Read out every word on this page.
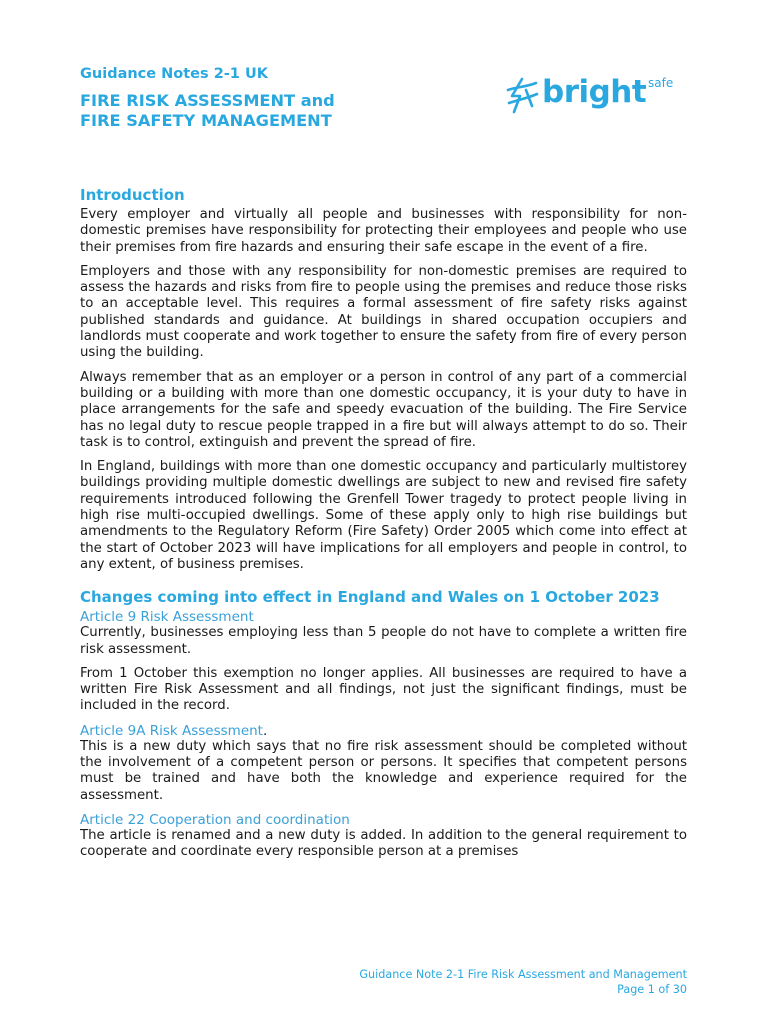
Guidance Notes 2-1 UK
FIRE RISK ASSESSMENT and
FIRE SAFETY MANAGEMENT
bright safe
Introduction

Every employer and virtually all people and businesses with responsibility for non-domestic premises have responsibility for protecting their employees and people who use their premises from fire hazards and ensuring their safe escape in the event of a fire.

Employers and those with any responsibility for non-domestic premises are required to assess the hazards and risks from fire to people using the premises and reduce those risks to an acceptable level. This requires a formal assessment of fire safety risks against published standards and guidance. At buildings in shared occupation occupiers and landlords must cooperate and work together to ensure the safety from fire of every person using the building.

Always remember that as an employer or a person in control of any part of a commercial building or a building with more than one domestic occupancy, it is your duty to have in place arrangements for the safe and speedy evacuation of the building. The Fire Service has no legal duty to rescue people trapped in a fire but will always attempt to do so. Their task is to control, extinguish and prevent the spread of fire.

In England, buildings with more than one domestic occupancy and particularly multistorey buildings providing multiple domestic dwellings are subject to new and revised fire safety requirements introduced following the Grenfell Tower tragedy to protect people living in high rise multi-occupied dwellings. Some of these apply only to high rise buildings but amendments to the Regulatory Reform (Fire Safety) Order 2005 which come into effect at the start of October 2023 will have implications for all employers and people in control, to any extent, of business premises.

Changes coming into effect in England and Wales on 1 October 2023
Article 9 Risk Assessment

Currently, businesses employing less than 5 people do not have to complete a written fire risk assessment.

From 1 October this exemption no longer applies. All businesses are required to have a written Fire Risk Assessment and all findings, not just the significant findings, must be included in the record.

Article 9A Risk Assessment.

This is a new duty which says that no fire risk assessment should be completed without the involvement of a competent person or persons. It specifies that competent persons must be trained and have both the knowledge and experience required for the assessment.

Article 22 Cooperation and coordination

The article is renamed and a new duty is added. In addition to the general requirement to cooperate and coordinate every responsible person at a premises

Guidance Note 2-1 Fire Risk Assessment and Management
Page 1 of 30
